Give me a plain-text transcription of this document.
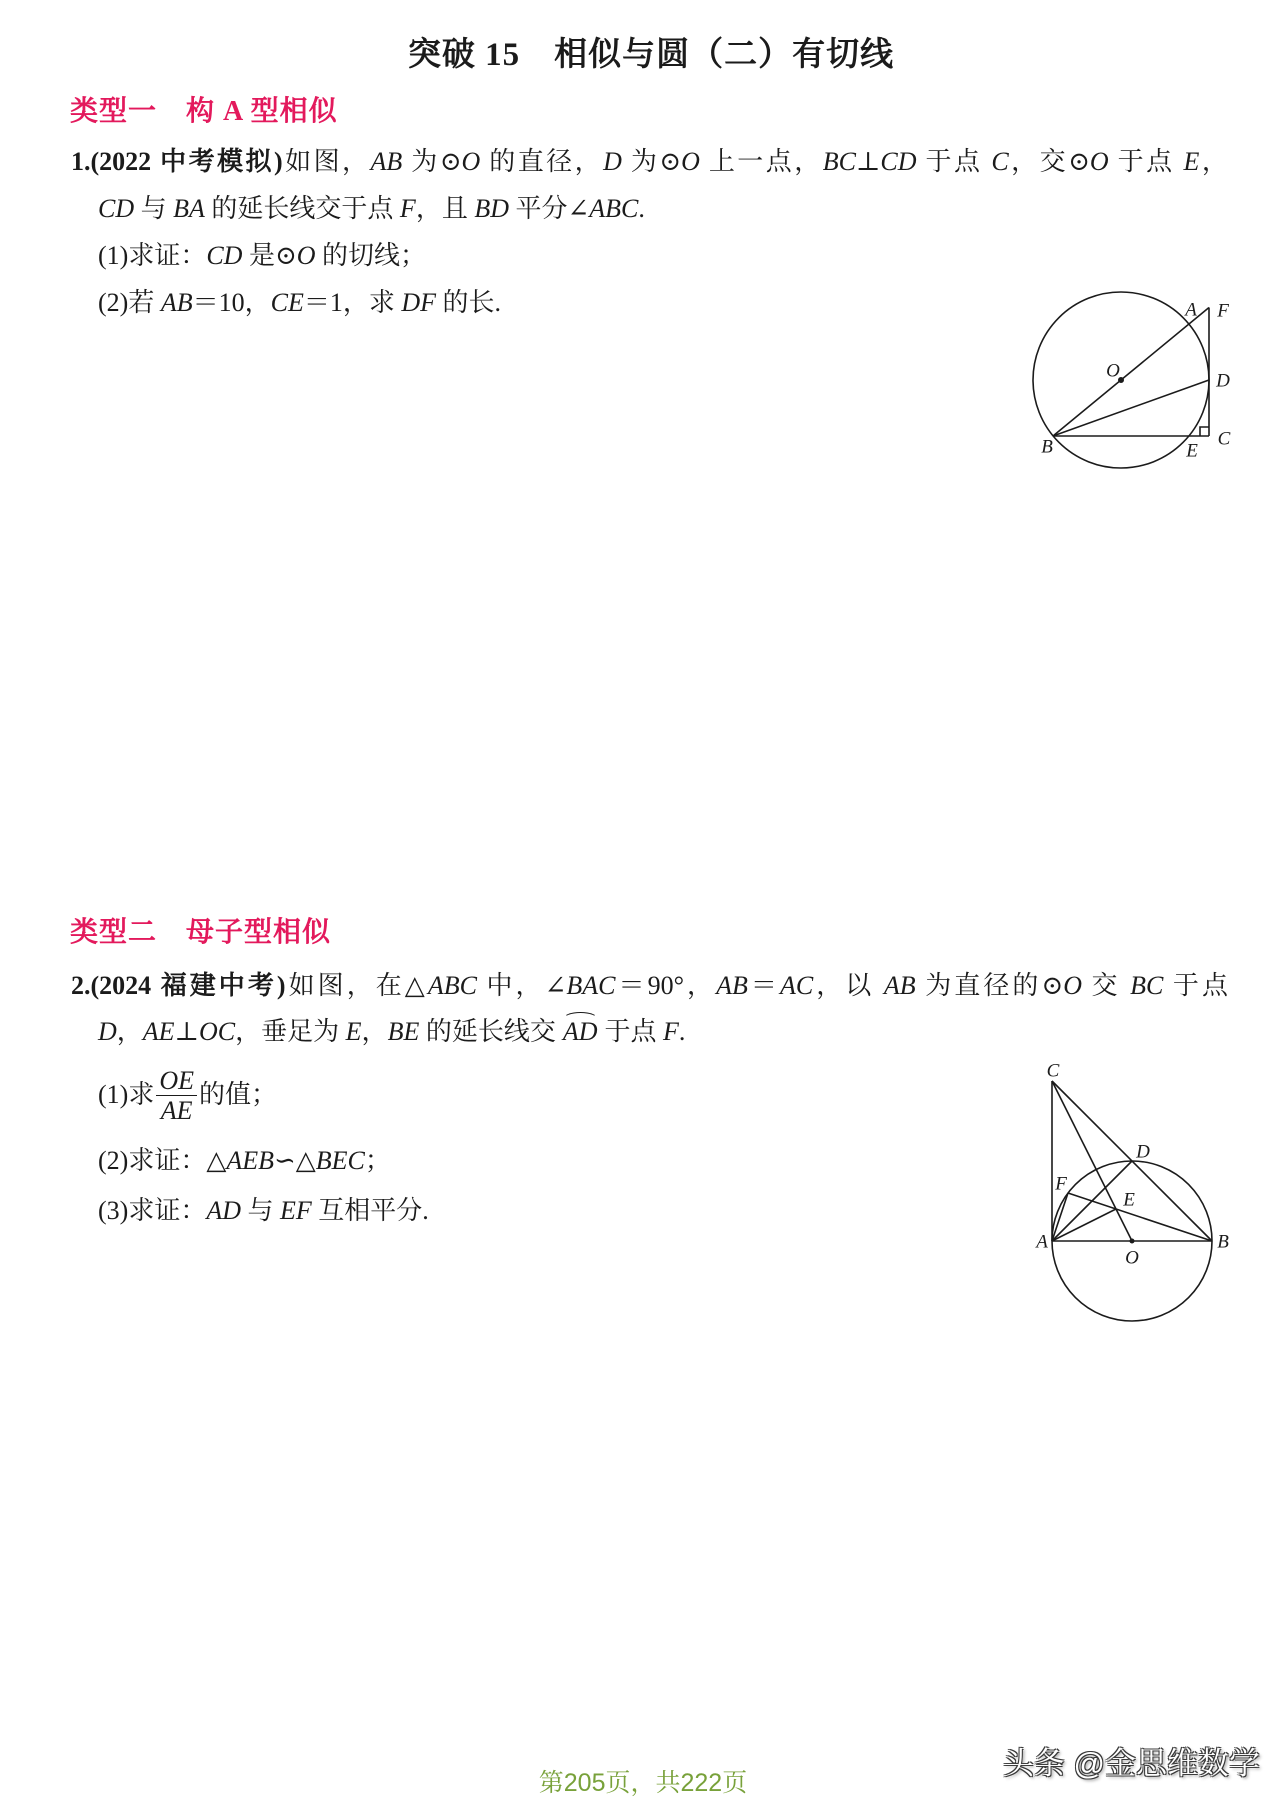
突破 15　相似与圆（二）有切线
类型一　构 A 型相似
1.(2022 中考模拟)如图，AB 为⊙O 的直径，D 为⊙O 上一点，BC⊥CD 于点 C，交⊙O 于点 E，
CD 与 BA 的延长线交于点 F，且 BD 平分∠ABC.
(1)求证：CD 是⊙O 的切线；
(2)若 AB＝10，CE＝1，求 DF 的长.	A F
O	D
B	E
C
类型二　母子型相似
2.(2024 福建中考)如图，在△ABC 中，∠BAC＝90°，AB＝AC，以 AB 为直径的⊙O 交 BC 于点
D，AE⊥OC，垂足为 E，BE 的延长线交 AD 于点 F.
(1)求 $\frac{OE}{AE}$ 的值；
(2)求证：△AEB∽△BEC；
(3)求证：AD 与 EF 互相平分.
C
D
F
E
A	B
O
头条 @金思维数学
第205页，共222页
